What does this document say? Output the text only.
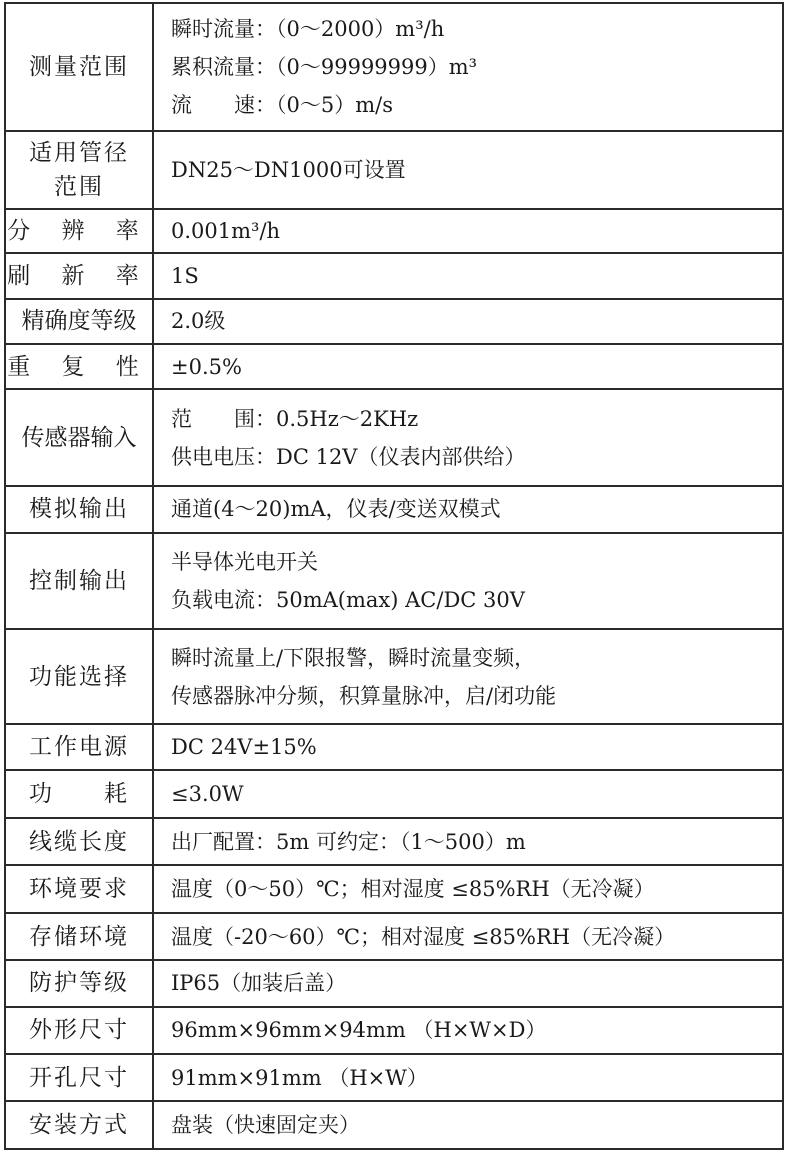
测量范围	瞬时流量：（0～2000）m³/h
累积流量：（0～99999999）m³
流　　速：（0～5）m/s

适用管径范围	DN25～DN1000可设置

分 辨 率	0.001m³/h

刷 新 率	1S

精确度等级	2.0级

重 复 性	±0.5%

传感器输入	范　　围：0.5Hz～2KHz
供电电压：DC 12V（仪表内部供给）

模拟输出	通道(4～20)mA，仪表/变送双模式

控制输出	半导体光电开关
负载电流：50mA(max) AC/DC 30V

功能选择	瞬时流量上/下限报警，瞬时流量变频，
传感器脉冲分频，积算量脉冲，启/闭功能

工作电源	DC 24V±15%

功　　耗	≤3.0W

线缆长度	出厂配置：5m 可约定：（1～500）m

环境要求	温度（0～50）℃；相对湿度 ≤85%RH（无冷凝）

存储环境	温度（-20～60）℃；相对湿度 ≤85%RH（无冷凝）

防护等级	IP65（加装后盖）

外形尺寸	96mm×96mm×94mm （H×W×D）

开孔尺寸	91mm×91mm （H×W）

安装方式	盘装（快速固定夹）
